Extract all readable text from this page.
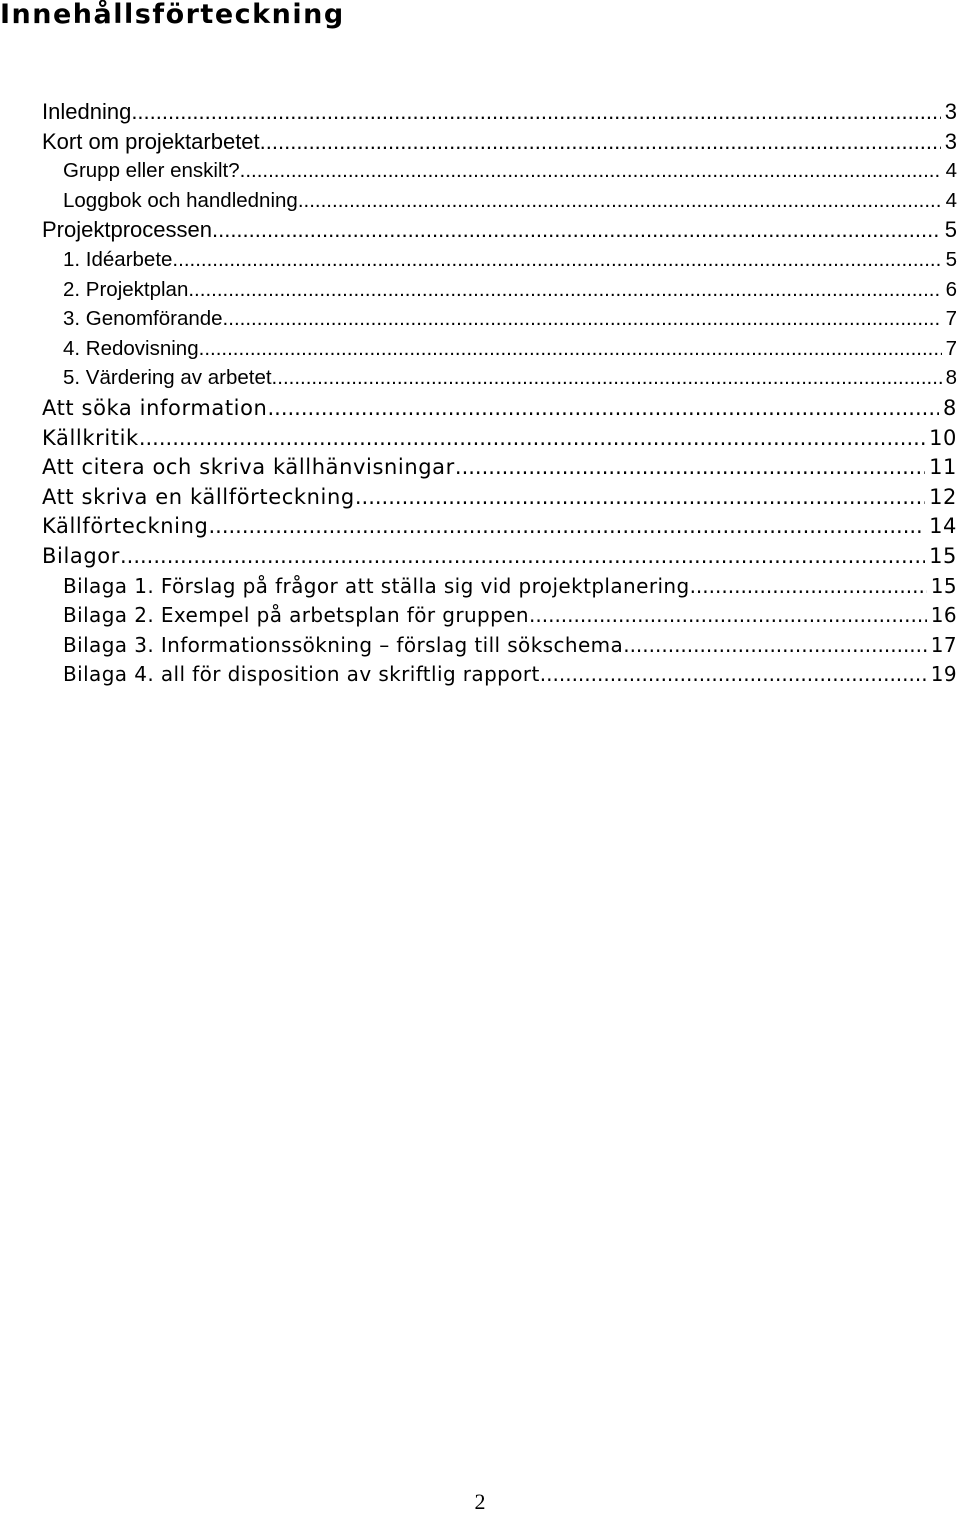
Innehållsförteckning
Inledning .....	3
Kort om projektarbetet .....	3
Grupp eller enskilt? .....	4
Loggbok och handledning .....	4
Projektprocessen .....	5
1. Idéarbete .....	5
2. Projektplan .....	6
3. Genomförande .....	7
4. Redovisning .....	7
5. Värdering av arbetet .....	8
Att söka information .....	8
Källkritik .....	10
Att citera och skriva källhänvisningar .....	11
Att skriva en källförteckning .....	12
Källförteckning .....	14
Bilagor .....	15
Bilaga 1. Förslag på frågor att ställa sig vid projektplanering .....	15
Bilaga 2. Exempel på arbetsplan för gruppen .....	16
Bilaga 3. Informationssökning – förslag till sökschema .....	17
Bilaga 4. all för disposition av skriftlig rapport .....	19
2
